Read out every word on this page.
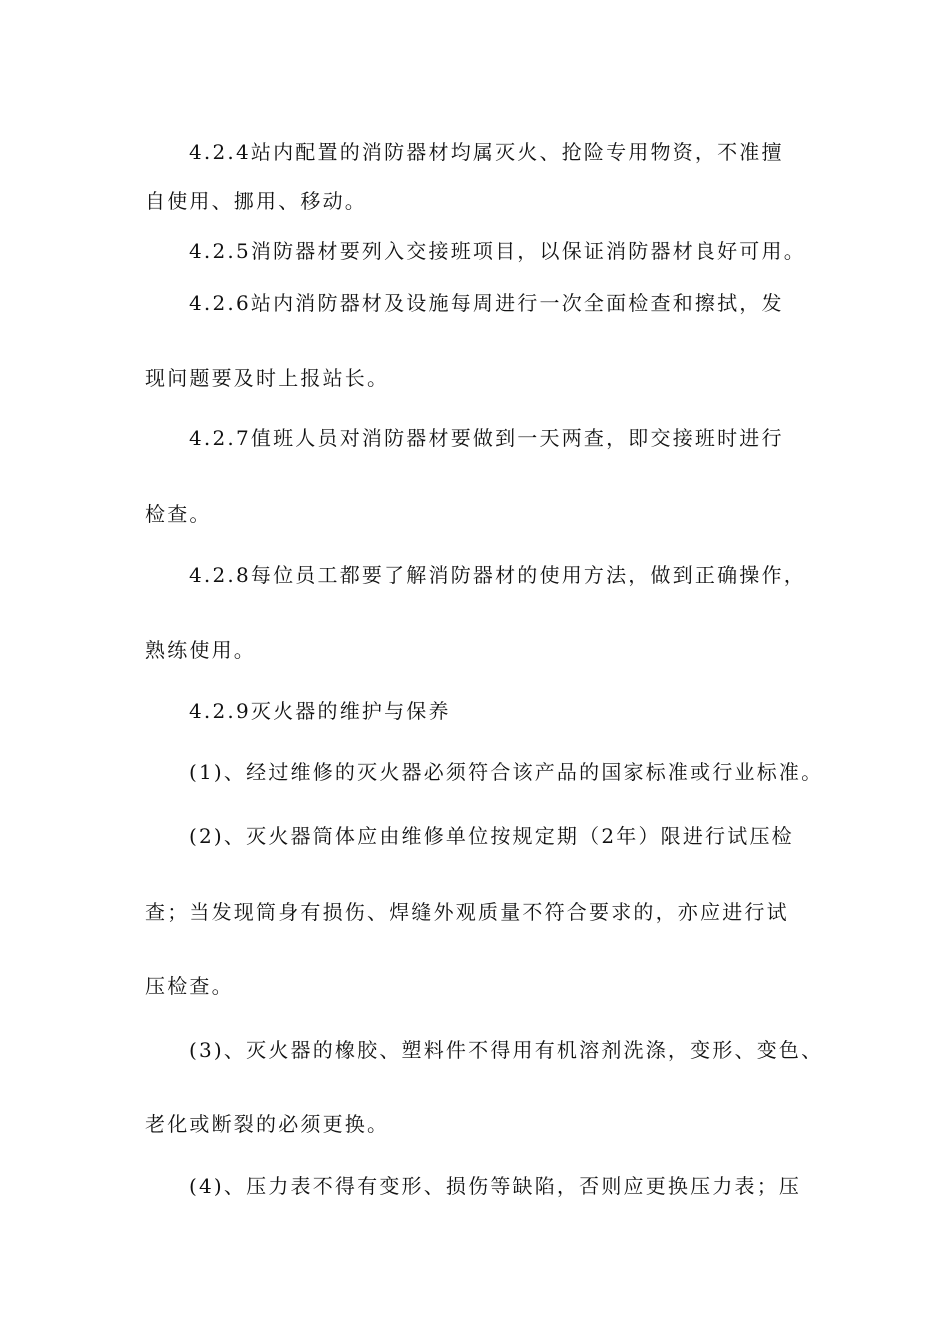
4.2.4站内配置的消防器材均属灭火、抢险专用物资，不准擅

自使用、挪用、移动。

4.2.5消防器材要列入交接班项目，以保证消防器材良好可用。

4.2.6站内消防器材及设施每周进行一次全面检查和擦拭，发

现问题要及时上报站长。

4.2.7值班人员对消防器材要做到一天两查，即交接班时进行

检查。

4.2.8每位员工都要了解消防器材的使用方法，做到正确操作，

熟练使用。

4.2.9灭火器的维护与保养

(1)、经过维修的灭火器必须符合该产品的国家标准或行业标准。

(2)、灭火器筒体应由维修单位按规定期（2年）限进行试压检

查；当发现筒身有损伤、焊缝外观质量不符合要求的，亦应进行试

压检查。

(3)、灭火器的橡胶、塑料件不得用有机溶剂洗涤，变形、变色、

老化或断裂的必须更换。

(4)、压力表不得有变形、损伤等缺陷，否则应更换压力表；压
